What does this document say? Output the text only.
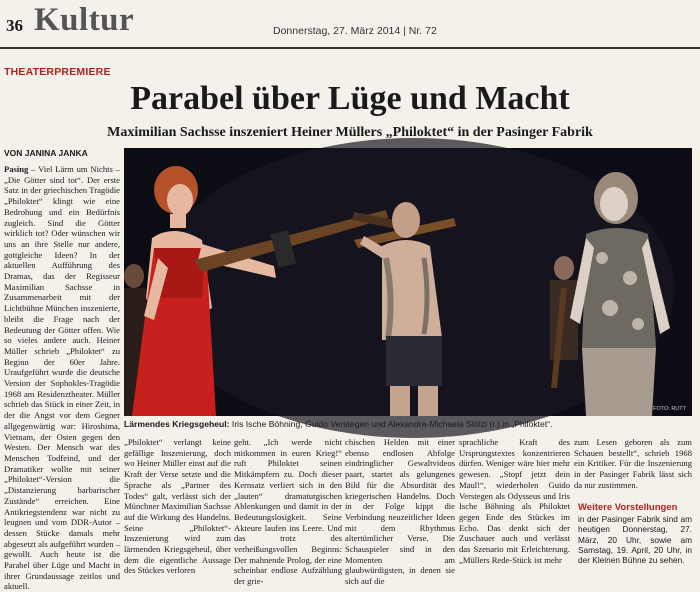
36 Kultur	Donnerstag, 27. März 2014 | Nr. 72
THEATERPREMIERE
Parabel über Lüge und Macht
Maximilian Sachsse inszeniert Heiner Müllers „Philoktet“ in der Pasinger Fabrik
VON JANINA JANKA

Pasing – Viel Lärm um Nichts – „Die Götter sind tot“. Der erste Satz in der griechischen Tragödie „Philoktet“ klingt wie eine Bedrohung und ein Bedürfnis zugleich. Sind die Götter wirklich tot? Oder wünschen wir uns an ihre Stelle nur andere, gottgleiche Ideen? In der aktuellen Aufführung des Dramas, das der Regisseur Maximilian Sachsse in Zusammenarbeit mit der Lichtbühne München inszenierte, bleibt die Frage nach der Bedeutung der Götter offen. Wie so vieles andere auch. Heiner Müller schrieb „Philoktet“ zu Beginn der 60er Jahre. Uraufgeführt wurde die deutsche Version der Sophokles-Tragödie 1968 am Residenztheater. Müller schrieb das Stück in einer Zeit, in der die Angst vor dem Gegner allgegenwärtig war: Hiroshima, Vietnam, der Osten gegen den Westen. Der Mensch war des Menschen Todfeind, und der Dramatiker wollte mit seiner „Philoktet“-Version die „Distanzierung barbarischer Zustände“ erreichen. Eine Antikriegstendenz war nicht zu leugnen und vom DDR-Autor – dessen Stücke damals mehr abgesetzt als aufgeführt wurden – gewollt. Auch heute ist die Parabel über Lüge und Macht in ihrer Grundaussage zeitlos und aktuell.

FOTO: RUTT
Lärmendes Kriegsgeheul: Iris Ische Böhning, Guido Verstegen und Alexandra-Michaela Stölzl (r.) in „Philoktet“.
„Philoktet“ verlangt keine gefällige Inszenierung, doch wo Heiner Müller einst auf die Kraft der Verse setzte und die Sprache als „Partner des Todes“ galt, verlässt sich der Münchner Maximilian Sachsse auf die Wirkung des Handelns. Seine „Philoktet“-Inszenierung wird zum lärmenden Kriegsgeheul, über dem die eigentliche Aussage des Stückes verloren
geht. „Ich werde nicht mitkommen in euren Krieg!“ ruft Philoktet seinen Mitkämpfern zu. Doch dieser Kernsatz verliert sich in den „lauten“ dramaturgischen Ablenkungen und damit in der Bedeutungslosigkeit. Seine Akteure laufen ins Leere. Und das trotz des verheißungsvollen Beginns: Der mahnende Prolog, der eine scheinbar endlose Aufzählung der grie-
chischen Helden mit einer ebenso endlosen Abfolge eindringlicher Gewaltvideos paart, startet als gelungenes Bild für die Absurdität des kriegerischen Handelns. Doch in der Folge kippt die Verbindung neuzeitlicher Ideen mit dem Rhythmus altertümlicher Verse. Die Schauspieler sind in den Momenten am glaubwürdigsten, in denen sie sich auf die
sprachliche Kraft des Ursprungstextes konzentrieren dürfen. Weniger wäre hier mehr gewesen. „Stopf jetzt dein Maul!“, wiederholen Guido Verstegen als Odysseus und Iris Ische Böhning als Philoktet gegen Ende des Stückes im Echo. Das denkt sich der Zuschauer auch und verlässt das Szenario mit Erleichterung. „Müllers Rede-Stück ist mehr
zum Lesen geboren als zum Schauen bestellt“, schrieb 1968 ein Kritiker. Für die Inszenierung in der Pasinger Fabrik lässt sich da nur zustimmen.
Weitere Vorstellungen
in der Pasinger Fabrik sind am heutigen Donnerstag, 27. März, 20 Uhr, sowie am Samstag, 19. April, 20 Uhr, in der Kleinen Bühne zu sehen.
